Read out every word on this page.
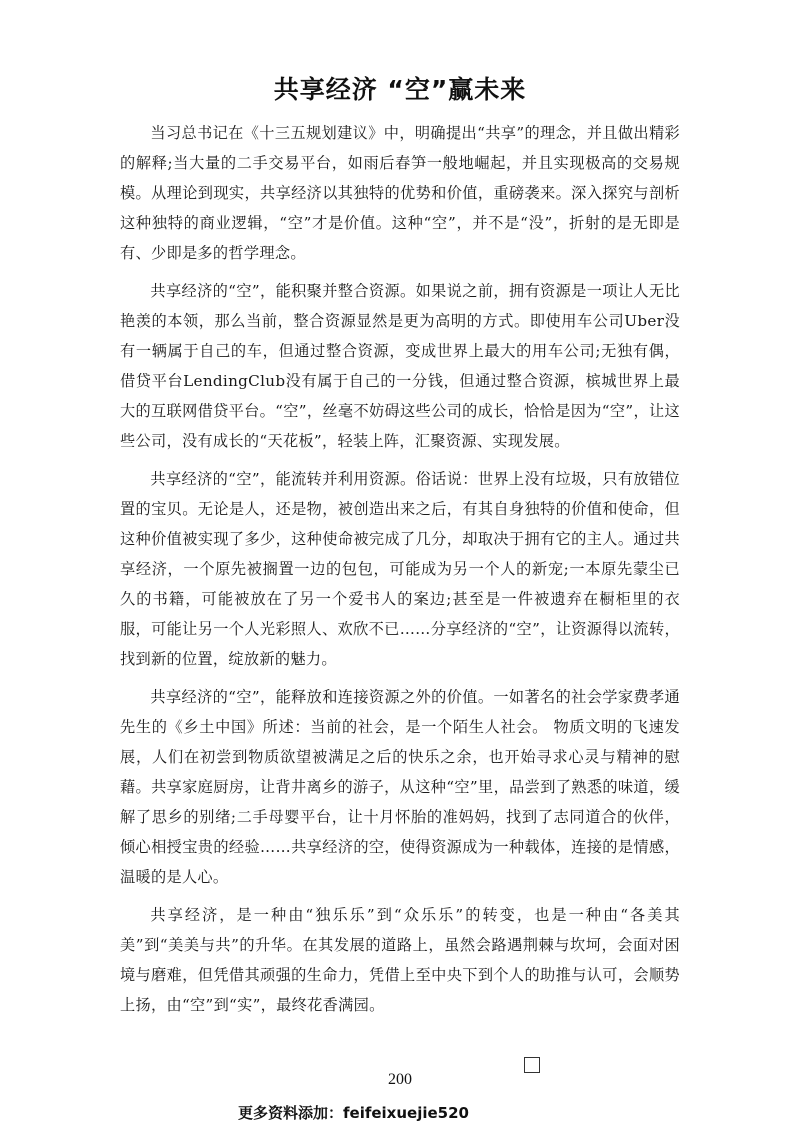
共享经济 “空”赢未来

当习总书记在《十三五规划建议》中，明确提出“共享”的理念，并且做出精彩的解释;当大量的二手交易平台，如雨后春笋一般地崛起，并且实现极高的交易规模。从理论到现实，共享经济以其独特的优势和价值，重磅袭来。深入探究与剖析这种独特的商业逻辑，“空”才是价值。这种“空”，并不是“没”，折射的是无即是有、少即是多的哲学理念。

共享经济的“空”，能积聚并整合资源。如果说之前，拥有资源是一项让人无比艳羡的本领，那么当前，整合资源显然是更为高明的方式。即使用车公司Uber没有一辆属于自己的车，但通过整合资源，变成世界上最大的用车公司;无独有偶，借贷平台LendingClub没有属于自己的一分钱，但通过整合资源，槟城世界上最大的互联网借贷平台。“空”，丝毫不妨碍这些公司的成长，恰恰是因为“空”，让这些公司，没有成长的“天花板”，轻装上阵，汇聚资源、实现发展。

共享经济的“空”，能流转并利用资源。俗话说：世界上没有垃圾，只有放错位置的宝贝。无论是人，还是物，被创造出来之后，有其自身独特的价值和使命，但这种价值被实现了多少，这种使命被完成了几分，却取决于拥有它的主人。通过共享经济，一个原先被搁置一边的包包，可能成为另一个人的新宠;一本原先蒙尘已久的书籍，可能被放在了另一个爱书人的案边;甚至是一件被遗弃在橱柜里的衣服，可能让另一个人光彩照人、欢欣不已……分享经济的“空”，让资源得以流转，找到新的位置，绽放新的魅力。

共享经济的“空”，能释放和连接资源之外的价值。一如著名的社会学家费孝通先生的《乡土中国》所述：当前的社会，是一个陌生人社会。 物质文明的飞速发展，人们在初尝到物质欲望被满足之后的快乐之余，也开始寻求心灵与精神的慰藉。共享家庭厨房，让背井离乡的游子，从这种“空”里，品尝到了熟悉的味道，缓解了思乡的别绪;二手母婴平台，让十月怀胎的准妈妈，找到了志同道合的伙伴，倾心相授宝贵的经验……共享经济的空，使得资源成为一种载体，连接的是情感，温暖的是人心。

共享经济，是一种由“独乐乐”到“众乐乐”的转变，也是一种由“各美其美”到“美美与共”的升华。在其发展的道路上，虽然会路遇荆棘与坎坷，会面对困境与磨难，但凭借其顽强的生命力，凭借上至中央下到个人的助推与认可，会顺势上扬，由“空”到“实”，最终花香满园。

200
更多资料添加：feifeixuejie520
